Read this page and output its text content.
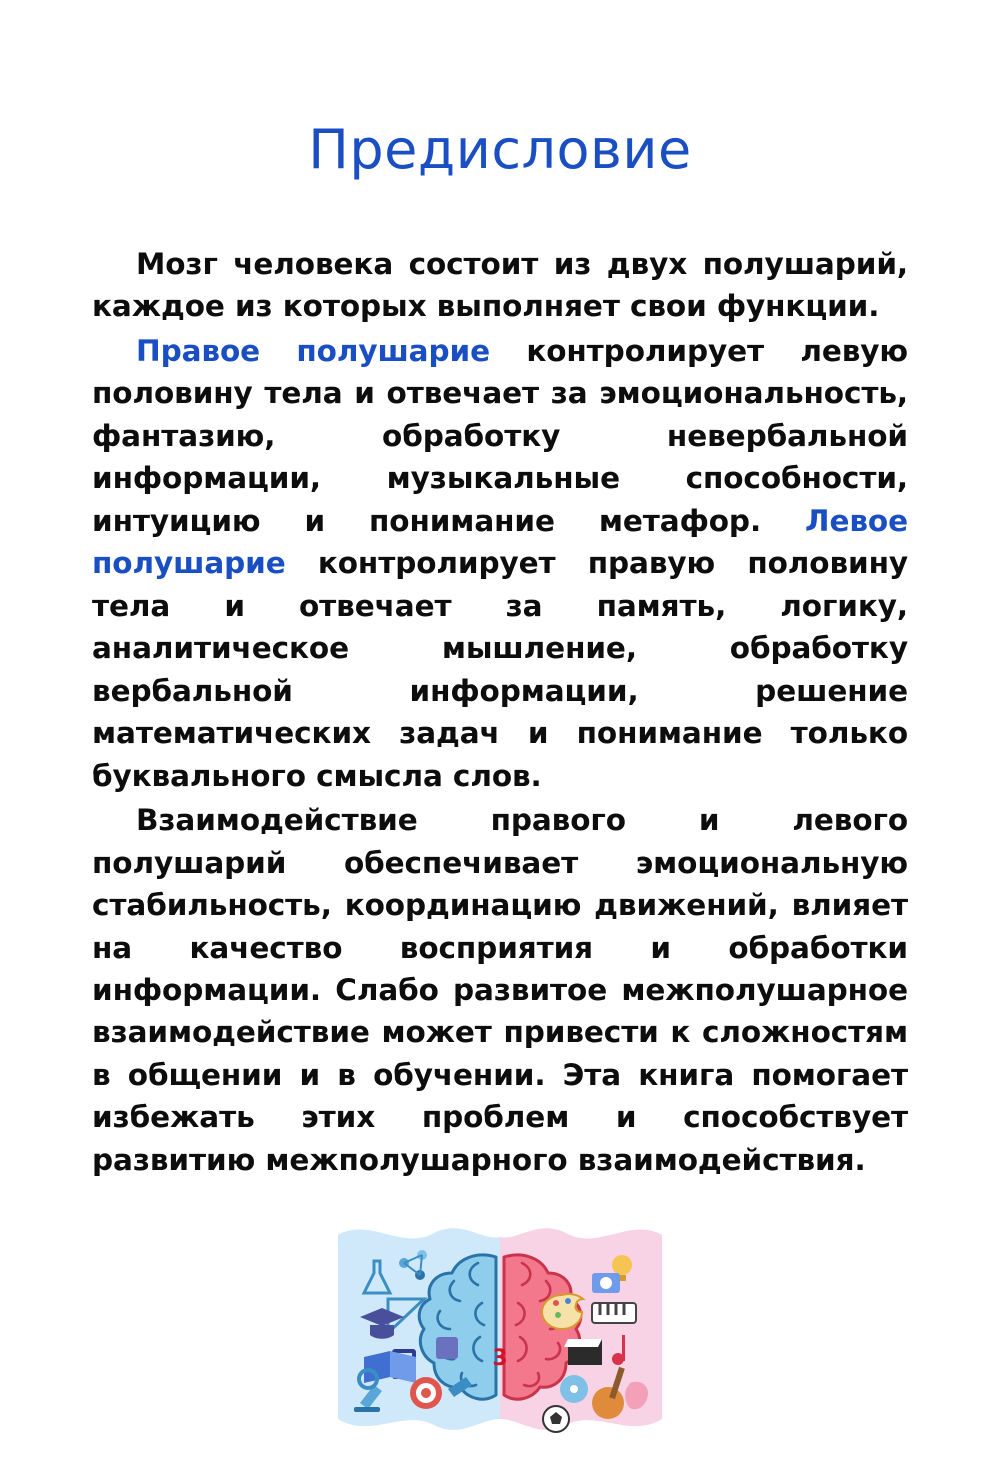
Предисловие

Мозг человека состоит из двух полушарий, каждое из которых выполняет свои функции.

Правое полушарие контролирует левую половину тела и отвечает за эмоциональность, фантазию, обработку невербальной информации, музыкальные способности, интуицию и понимание метафор. Левое полушарие контролирует правую половину тела и отвечает за память, логику, аналитическое мышление, обработку вербальной информации, решение математических задач и понимание только буквального смысла слов.

Взаимодействие правого и левого полушарий обеспечивает эмоциональную стабильность, координацию движений, влияет на качество восприятия и обработки информации. Слабо развитое межполушарное взаимодействие может привести к сложностям в общении и в обучении. Эта книга помогает избежать этих проблем и способствует развитию межполушарного взаимодействия.

3
